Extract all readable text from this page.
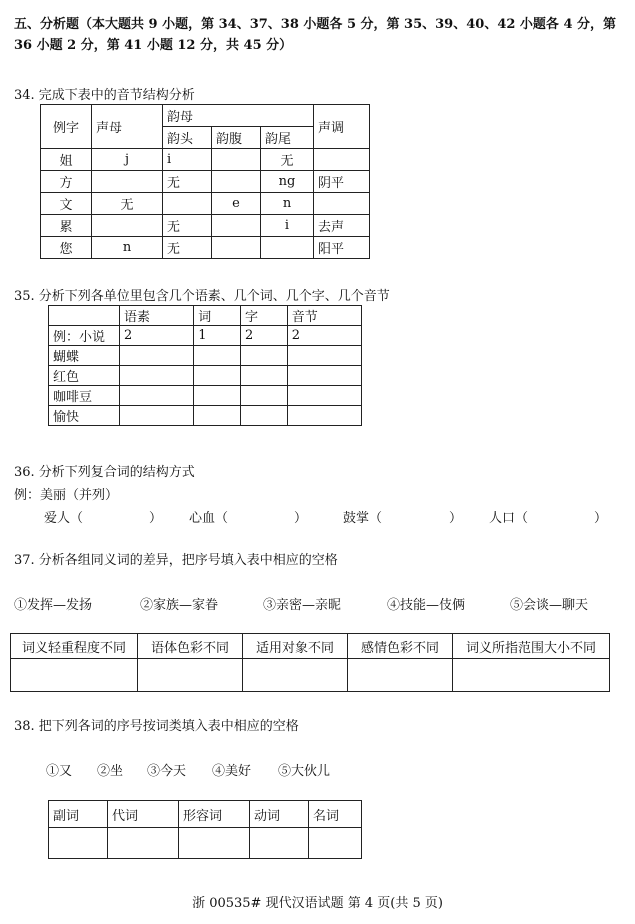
五、分析题（本大题共 9 小题，第 34、37、38 小题各 5 分，第 35、39、40、42 小题各 4 分，第 36 小题 2 分，第 41 小题 12 分，共 45 分）
34. 完成下表中的音节结构分析
例字	声母	韵母			声调
		韵头	韵腹	韵尾	
姐	j	i		无	
方		无		ng	阴平
文	无		e	n	
累		无		i	去声
您	n	无			阳平
35. 分析下列各单位里包含几个语素、几个词、几个字、几个音节
	语素	词	字	音节
例：小说	2	1	2	2
蝴蝶				
红色				
咖啡豆				
愉快				
36. 分析下列复合词的结构方式
例：美丽（并列）
爱人（	） 心血（	）	鼓掌（	） 人口（	）
37. 分析各组同义词的差异，把序号填入表中相应的空格
①发挥—发扬	②家族—家眷	③亲密—亲昵	④技能—伎俩	⑤会谈—聊天
词义轻重程度不同	语体色彩不同	适用对象不同	感情色彩不同	词义所指范围大小不同

38. 把下列各词的序号按词类填入表中相应的空格
①又 ②坐 ③今天 ④美好 ⑤大伙儿
副词	代词	形容词	动词	名词

浙 00535# 现代汉语试题 第 4 页(共 5 页)
